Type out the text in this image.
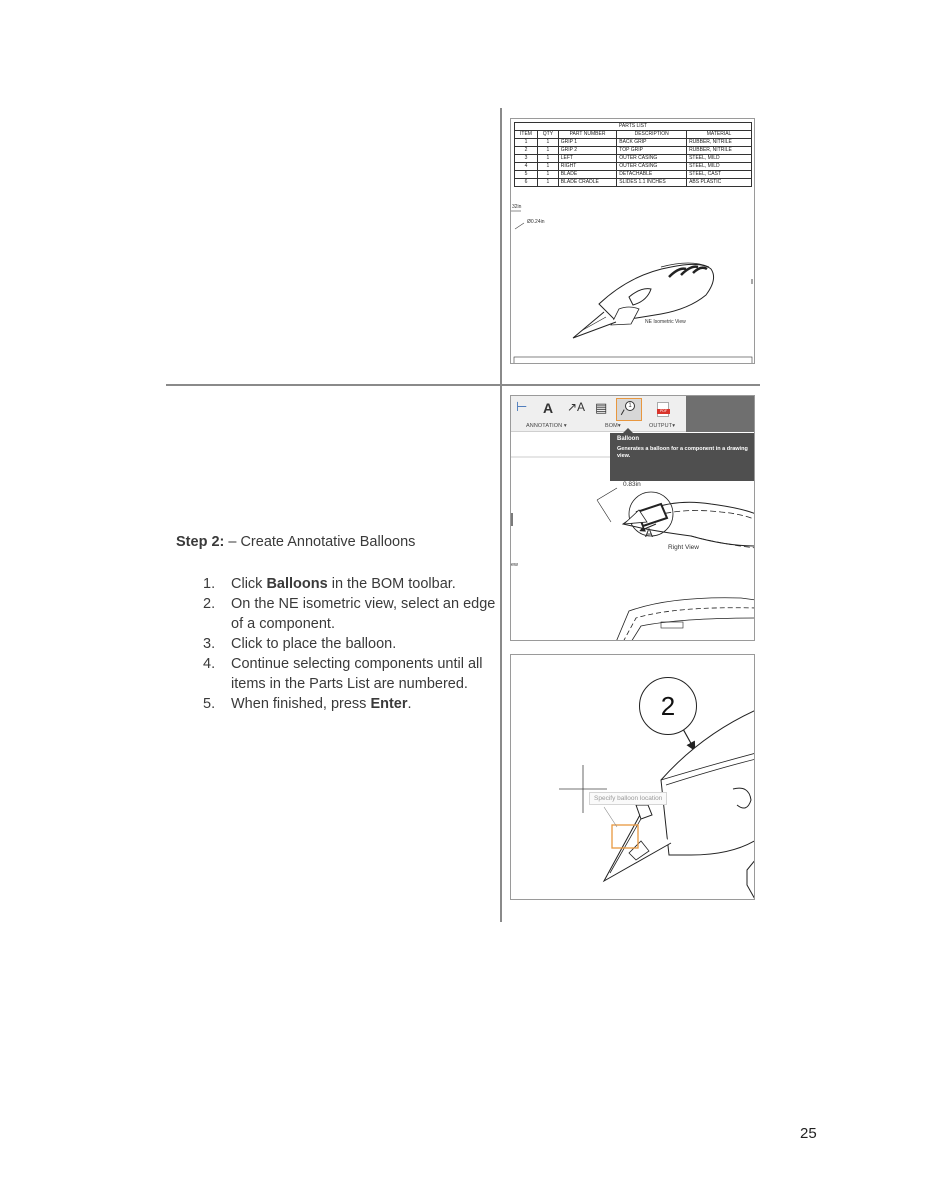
PARTS LIST				
ITEM	QTY	PART NUMBER	DESCRIPTION	MATERIAL
1	1	GRIP 1	BACK GRIP	RUBBER, NITRILE
2	1	GRIP 2	TOP GRIP	RUBBER, NITRILE
3	1	LEFT	OUTER CASING	STEEL, MILD
4	1	RIGHT	OUTER CASING	STEEL, MILD
5	1	BLADE	DETACHABLE	STEEL, CAST
6	1	BLADE CRADLE	SLIDES 1.1 INCHES	ABS PLASTIC
32in
Ø0.24in
NE Isometric View
⊢ A ↗A ▤	1
PDF
ANNOTATION ▾	BOM▾	OUTPUT▾
Balloon
Generates a balloon for a component in a drawing view.
0.83in
A
Right View
ew
2
Specify balloon location
Step 2: – Create Annotative Balloons
1. Click Balloons in the BOM toolbar.
2. On the NE isometric view, select an edge of a component.
3. Click to place the balloon.
4. Continue selecting components until all items in the Parts List are numbered.
5. When finished, press Enter.
25
